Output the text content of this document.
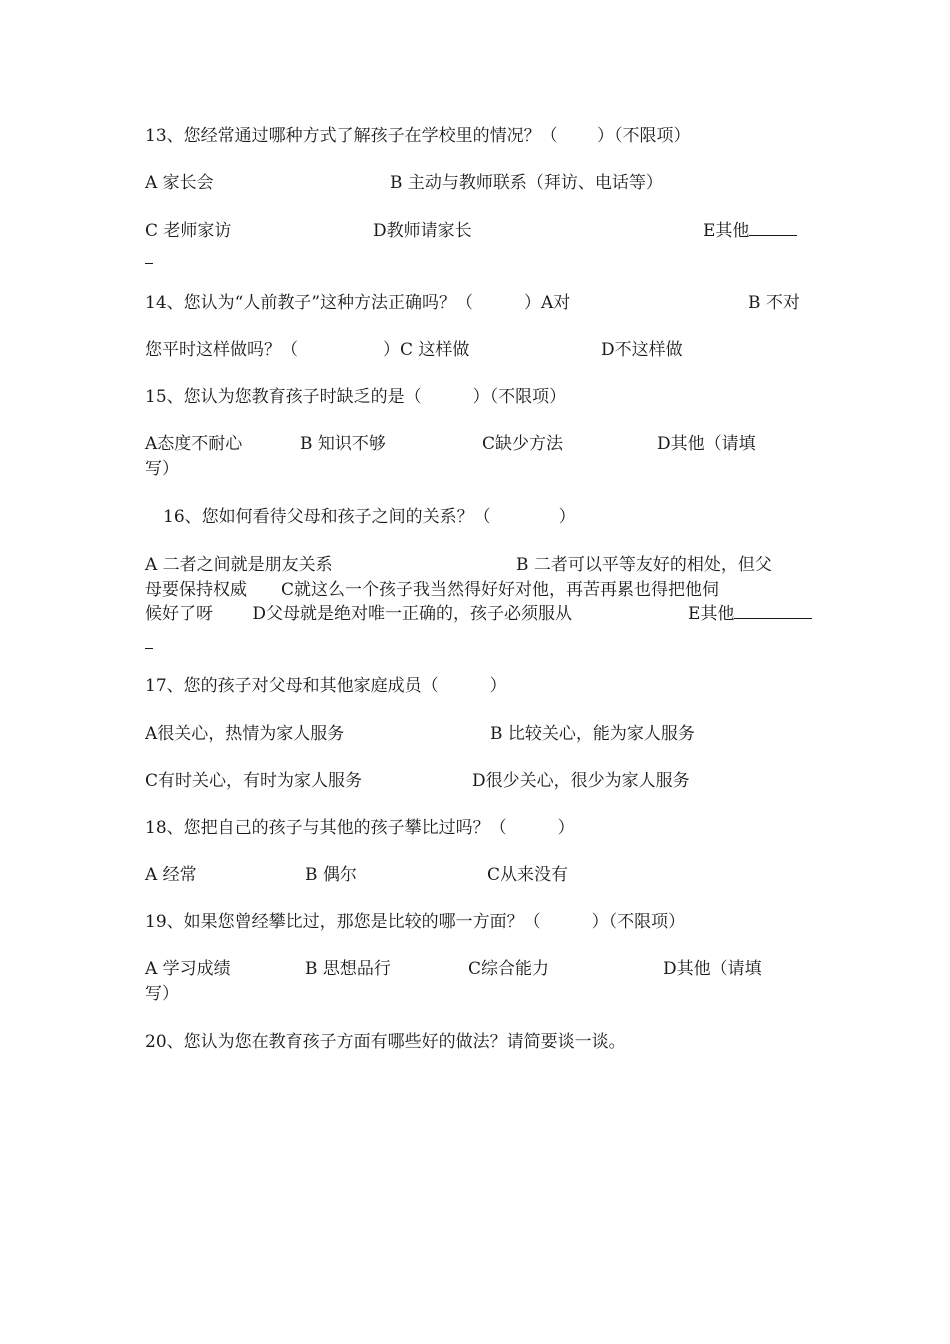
13、您经常通过哪种方式了解孩子在学校里的情况？（　　 ）（不限项）
A 家长会	B 主动与教师联系（拜访、电话等）
C 老师家访	D教师请家长	E其他
14、您认为“人前教子”这种方法正确吗？（　　　）A对	B 不对
您平时这样做吗？（　　　　　）C 这样做	D不这样做
15、您认为您教育孩子时缺乏的是（　　　）（不限项）
A态度不耐心	B 知识不够	C缺少方法	D其他（请填
写）
16、您如何看待父母和孩子之间的关系？（　　　　）
A 二者之间就是朋友关系	B 二者可以平等友好的相处，但父
母要保持权威　　C就这么一个孩子我当然得好好对他，再苦再累也得把他伺
候好了呀　　 D父母就是绝对唯一正确的，孩子必须服从	E其他
17、您的孩子对父母和其他家庭成员（　　　）
A很关心，热情为家人服务	B 比较关心，能为家人服务
C有时关心，有时为家人服务	D很少关心，很少为家人服务
18、您把自己的孩子与其他的孩子攀比过吗？（　　　）
A 经常	B 偶尔	C从来没有
19、如果您曾经攀比过，那您是比较的哪一方面？（　　　）（不限项）
A 学习成绩	B 思想品行	C综合能力	D其他（请填
写）
20、您认为您在教育孩子方面有哪些好的做法？请简要谈一谈。
